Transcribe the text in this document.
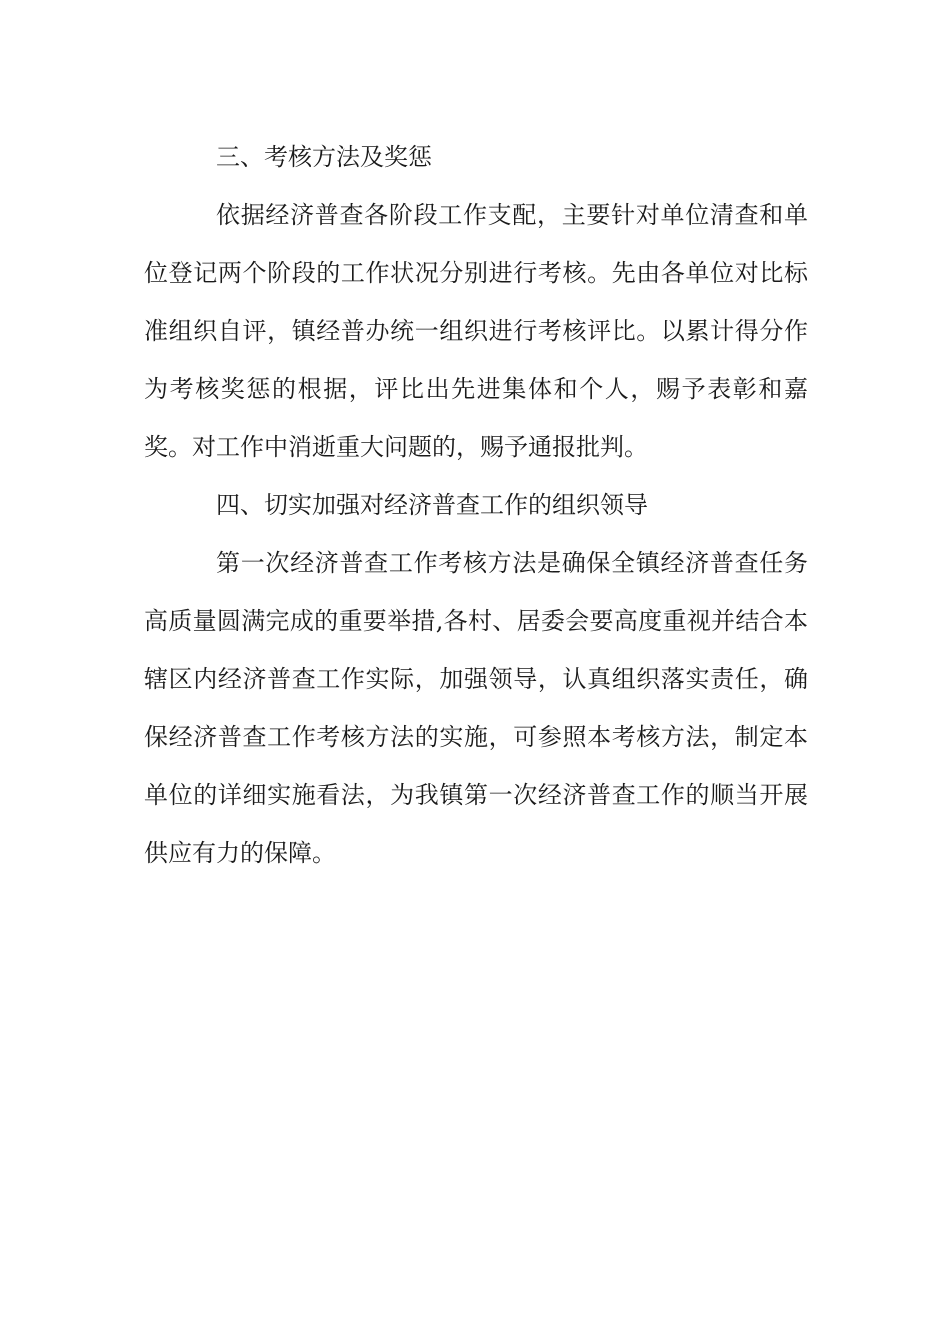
三、考核方法及奖惩

依据经济普查各阶段工作支配，主要针对单位清查和单位登记两个阶段的工作状况分别进行考核。先由各单位对比标准组织自评，镇经普办统一组织进行考核评比。以累计得分作为考核奖惩的根据，评比出先进集体和个人，赐予表彰和嘉奖。对工作中消逝重大问题的，赐予通报批判。

四、切实加强对经济普查工作的组织领导

第一次经济普查工作考核方法是确保全镇经济普查任务高质量圆满完成的重要举措,各村、居委会要高度重视并结合本辖区内经济普查工作实际，加强领导，认真组织落实责任，确保经济普查工作考核方法的实施，可参照本考核方法，制定本单位的详细实施看法，为我镇第一次经济普查工作的顺当开展供应有力的保障。
